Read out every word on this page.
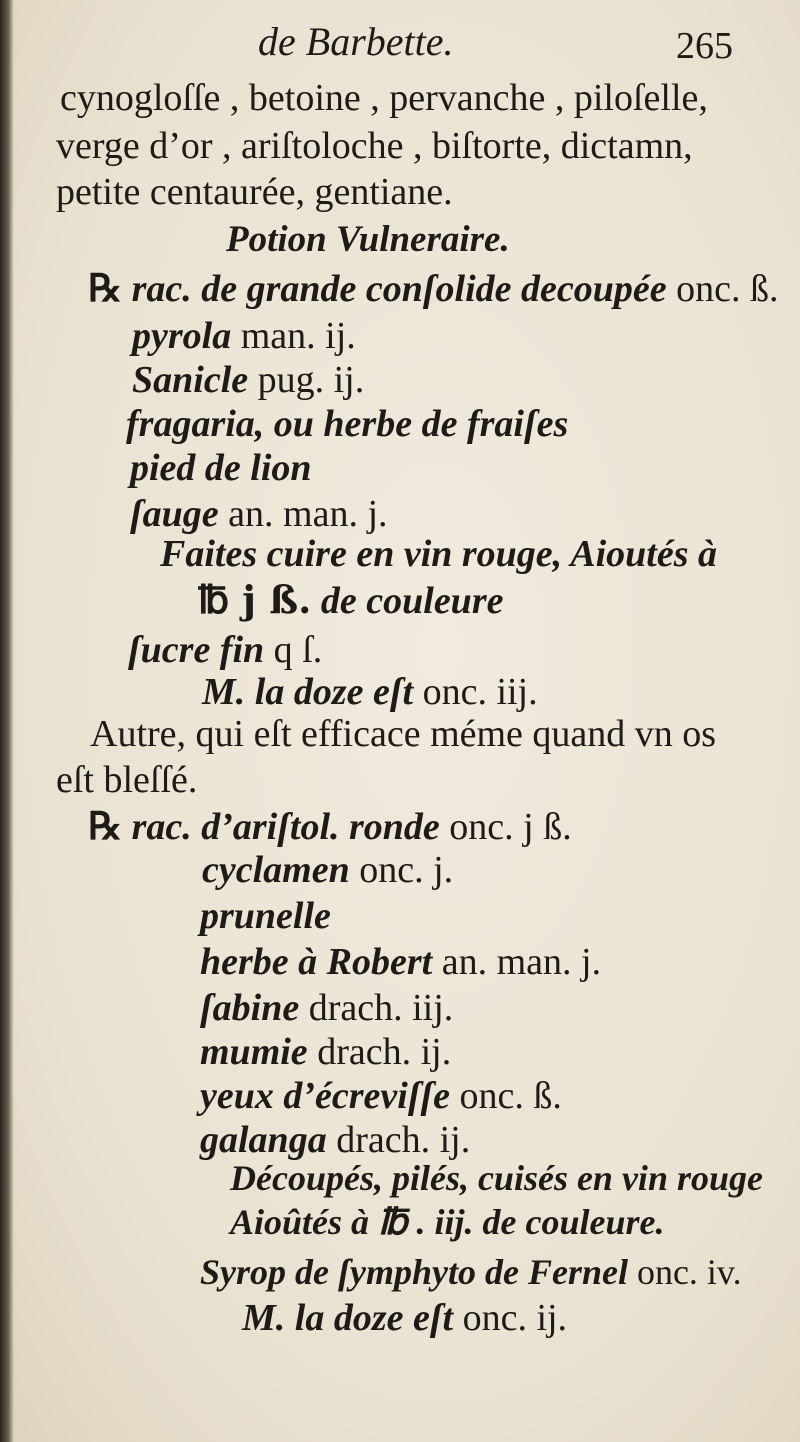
de Barbette.	265
cynogloſſe , betoine , pervanche , piloſelle,
verge d’or , ariſtoloche , biſtorte, dictamn,
petite centaurée, gentiane.
Potion Vulneraire.
℞ rac. de grande conſolide decoupée onc. ß.
pyrola man. ij.
Sanicle pug. ij.
fragaria, ou herbe de fraiſes
pied de lion
ſauge an. man. j.
Faites cuire en vin rouge, Aioutés à
℔ j ß. de couleure
ſucre fin q ſ.
M. la doze eſt onc. iij.
Autre, qui eſt efficace méme quand vn os
eſt bleſſé.
℞ rac. d’ariſtol. ronde onc. j ß.
cyclamen onc. j.
prunelle
herbe à Robert an. man. j.
ſabine drach. iij.
mumie drach. ij.
yeux d’écreviſſe onc. ß.
galanga drach. ij.
Découpés, pilés, cuisés en vin rouge
Aioûtés à ℔ . iij. de couleure.
Syrop de ſymphyto de Fernel onc. iv.
M. la doze eſt onc. ij.
